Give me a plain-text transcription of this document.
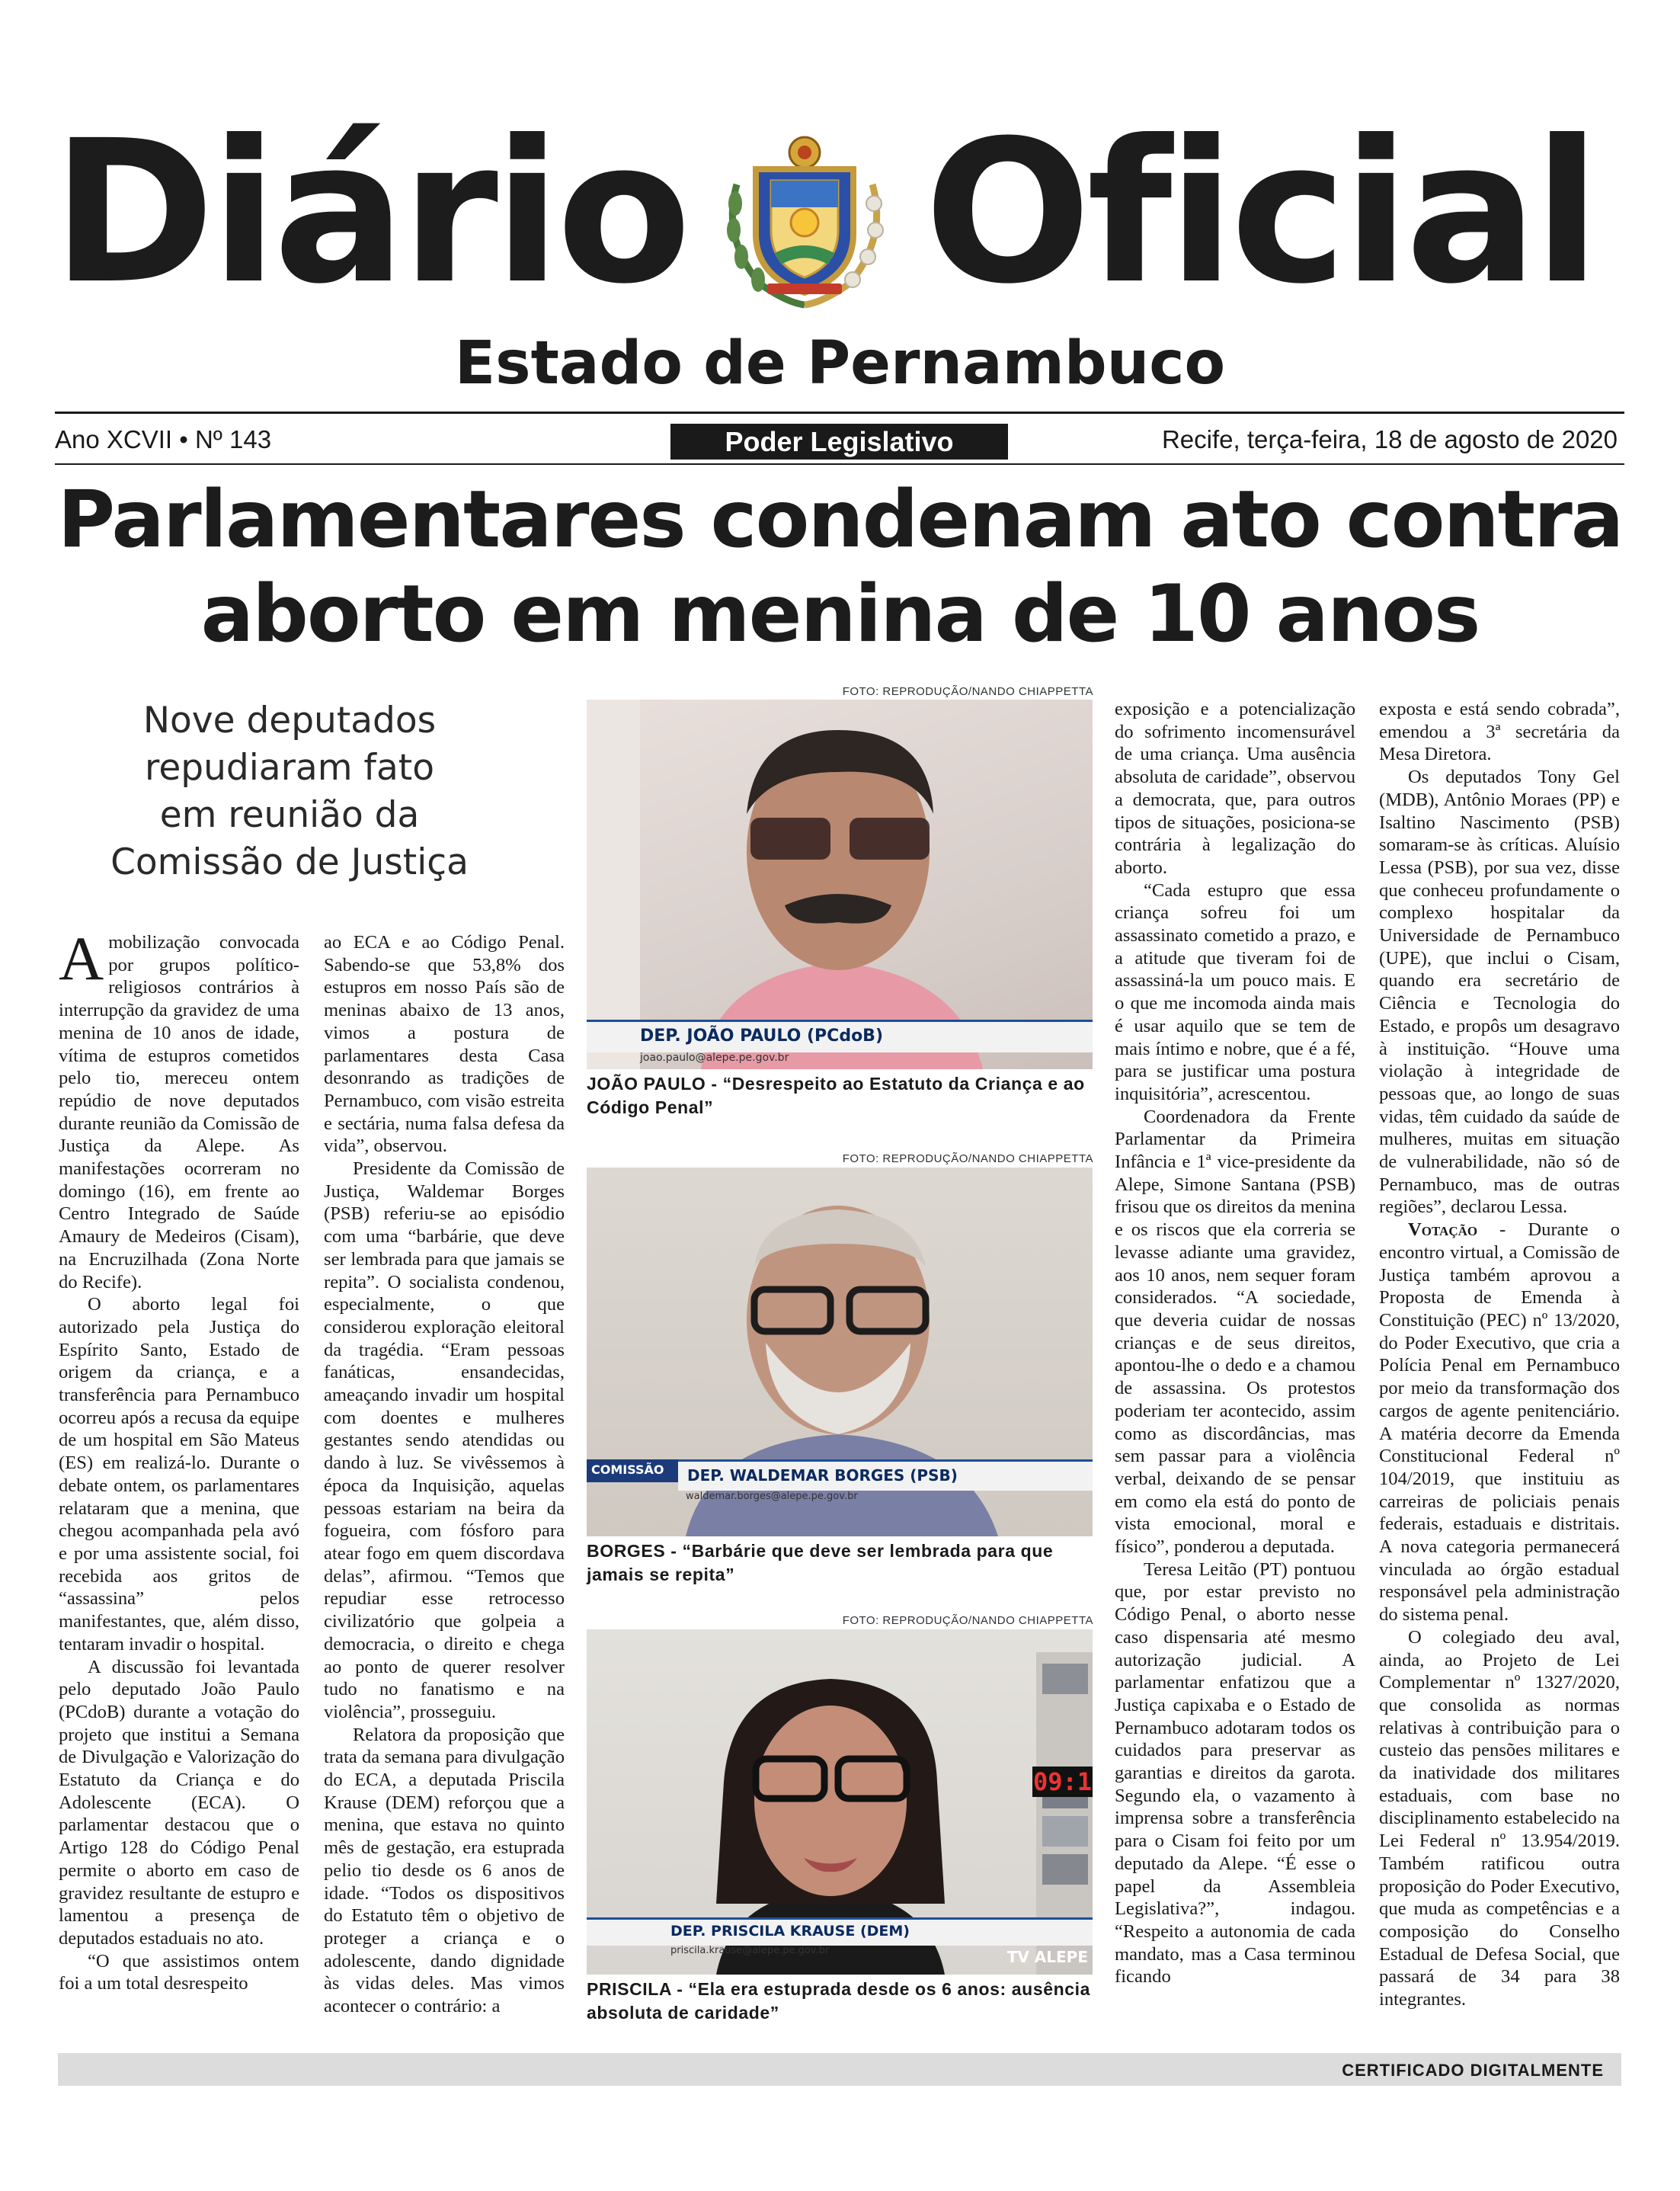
Diário Oficial
Estado de Pernambuco
Ano XCVII • Nº 143	Poder Legislativo	Recife, terça-feira, 18 de agosto de 2020
Parlamentares condenam ato contra
aborto em menina de 10 anos
Nove deputados
repudiaram fato
em reunião da
Comissão de Justiça

Amobilização convocada por grupos político-religiosos contrários à interrupção da gravidez de uma menina de 10 anos de idade, vítima de estupros cometidos pelo tio, mereceu ontem repúdio de nove deputados durante reunião da Comissão de Justiça da Alepe. As manifestações ocorreram no domingo (16), em frente ao Centro Integrado de Saúde Amaury de Medeiros (Cisam), na Encruzilhada (Zona Norte do Recife).

O aborto legal foi autorizado pela Justiça do Espírito Santo, Estado de origem da criança, e a transferência para Pernambuco ocorreu após a recusa da equipe de um hospital em São Mateus (ES) em realizá-lo. Durante o debate ontem, os parlamentares relataram que a menina, que chegou acompanhada pela avó e por uma assistente social, foi recebida aos gritos de “assassina” pelos manifestantes, que, além disso, tentaram invadir o hospital.

A discussão foi levantada pelo deputado João Paulo (PCdoB) durante a votação do projeto que institui a Semana de Divulgação e Valorização do Estatuto da Criança e do Adolescente (ECA). O parlamentar destacou que o Artigo 128 do Código Penal permite o aborto em caso de gravidez resultante de estupro e lamentou a presença de deputados estaduais no ato.

“O que assistimos ontem foi a um total desrespeito

ao ECA e ao Código Penal. Sabendo-se que 53,8% dos estupros em nosso País são de meninas abaixo de 13 anos, vimos a postura de parlamentares desta Casa desonrando as tradições de Pernambuco, com visão estreita e sectária, numa falsa defesa da vida”, observou.

Presidente da Comissão de Justiça, Waldemar Borges (PSB) referiu-se ao episódio com uma “barbárie, que deve ser lembrada para que jamais se repita”. O socialista condenou, especialmente, o que considerou exploração eleitoral da tragédia. “Eram pessoas fanáticas, ensandecidas, ameaçando invadir um hospital com doentes e mulheres gestantes sendo atendidas ou dando à luz. Se vivêssemos à época da Inquisição, aquelas pessoas estariam na beira da fogueira, com fósforo para atear fogo em quem discordava delas”, afirmou. “Temos que repudiar esse retrocesso civilizatório que golpeia a democracia, o direito e chega ao ponto de querer resolver tudo no fanatismo e na violência”, prosseguiu.

Relatora da proposição que trata da semana para divulgação do ECA, a deputada Priscila Krause (DEM) reforçou que a menina, que estava no quinto mês de gestação, era estuprada pelio tio desde os 6 anos de idade. “Todos os dispositivos do Estatuto têm o objetivo de proteger a criança e o adolescente, dando dignidade às vidas deles. Mas vimos acontecer o contrário: a

FOTO: REPRODUÇÃO/NANDO CHIAPPETTA
DEP. JOÃO PAULO (PCdoB)
joao.paulo@alepe.pe.gov.br
JOÃO PAULO - “Desrespeito ao Estatuto da Criança e ao Código Penal”
FOTO: REPRODUÇÃO/NANDO CHIAPPETTA
COMISSÃO DEP. WALDEMAR BORGES (PSB)
waldemar.borges@alepe.pe.gov.br
BORGES - “Barbárie que deve ser lembrada para que jamais se repita”
FOTO: REPRODUÇÃO/NANDO CHIAPPETTA
09:1
DEP. PRISCILA KRAUSE (DEM)
priscila.krause@alepe.pe.gov.br	TV ALEPE
PRISCILA - “Ela era estuprada desde os 6 anos: ausência absoluta de caridade”

exposição e a potencialização do sofrimento incomensurável de uma criança. Uma ausência absoluta de caridade”, observou a democrata, que, para outros tipos de situações, posiciona-se contrária à legalização do aborto.

“Cada estupro que essa criança sofreu foi um assassinato cometido a prazo, e a atitude que tiveram foi de assassiná-la um pouco mais. E o que me incomoda ainda mais é usar aquilo que se tem de mais íntimo e nobre, que é a fé, para se justificar uma postura inquisitória”, acrescentou.

Coordenadora da Frente Parlamentar da Primeira Infância e 1ª vice-presidente da Alepe, Simone Santana (PSB) frisou que os direitos da menina e os riscos que ela correria se levasse adiante uma gravidez, aos 10 anos, nem sequer foram considerados. “A sociedade, que deveria cuidar de nossas crianças e de seus direitos, apontou-lhe o dedo e a chamou de assassina. Os protestos poderiam ter acontecido, assim como as discordâncias, mas sem passar para a violência verbal, deixando de se pensar em como ela está do ponto de vista emocional, moral e físico”, ponderou a deputada.

Teresa Leitão (PT) pontuou que, por estar previsto no Código Penal, o aborto nesse caso dispensaria até mesmo autorização judicial. A parlamentar enfatizou que a Justiça capixaba e o Estado de Pernambuco adotaram todos os cuidados para preservar as garantias e direitos da garota. Segundo ela, o vazamento à imprensa sobre a transferência para o Cisam foi feito por um deputado da Alepe. “É esse o papel da Assembleia Legislativa?”, indagou. “Respeito a autonomia de cada mandato, mas a Casa terminou ficando

exposta e está sendo cobrada”, emendou a 3ª secretária da Mesa Diretora.

Os deputados Tony Gel (MDB), Antônio Moraes (PP) e Isaltino Nascimento (PSB) somaram-se às críticas. Aluísio Lessa (PSB), por sua vez, disse que conheceu profundamente o complexo hospitalar da Universidade de Pernambuco (UPE), que inclui o Cisam, quando era secretário de Ciência e Tecnologia do Estado, e propôs um desagravo à instituição. “Houve uma violação à integridade de pessoas que, ao longo de suas vidas, têm cuidado da saúde de mulheres, muitas em situação de vulnerabilidade, não só de Pernambuco, mas de outras regiões”, declarou Lessa.

Votação - Durante o encontro virtual, a Comissão de Justiça também aprovou a Proposta de Emenda à Constituição (PEC) nº 13/2020, do Poder Executivo, que cria a Polícia Penal em Pernambuco por meio da transformação dos cargos de agente penitenciário. A matéria decorre da Emenda Constitucional Federal nº 104/2019, que instituiu as carreiras de policiais penais federais, estaduais e distritais. A nova categoria permanecerá vinculada ao órgão estadual responsável pela administração do sistema penal.

O colegiado deu aval, ainda, ao Projeto de Lei Complementar nº 1327/2020, que consolida as normas relativas à contribuição para o custeio das pensões militares e da inatividade dos militares estaduais, com base no disciplinamento estabelecido na Lei Federal nº 13.954/2019. Também ratificou outra proposição do Poder Executivo, que muda as competências e a composição do Conselho Estadual de Defesa Social, que passará de 34 para 38 integrantes.

CERTIFICADO DIGITALMENTE
